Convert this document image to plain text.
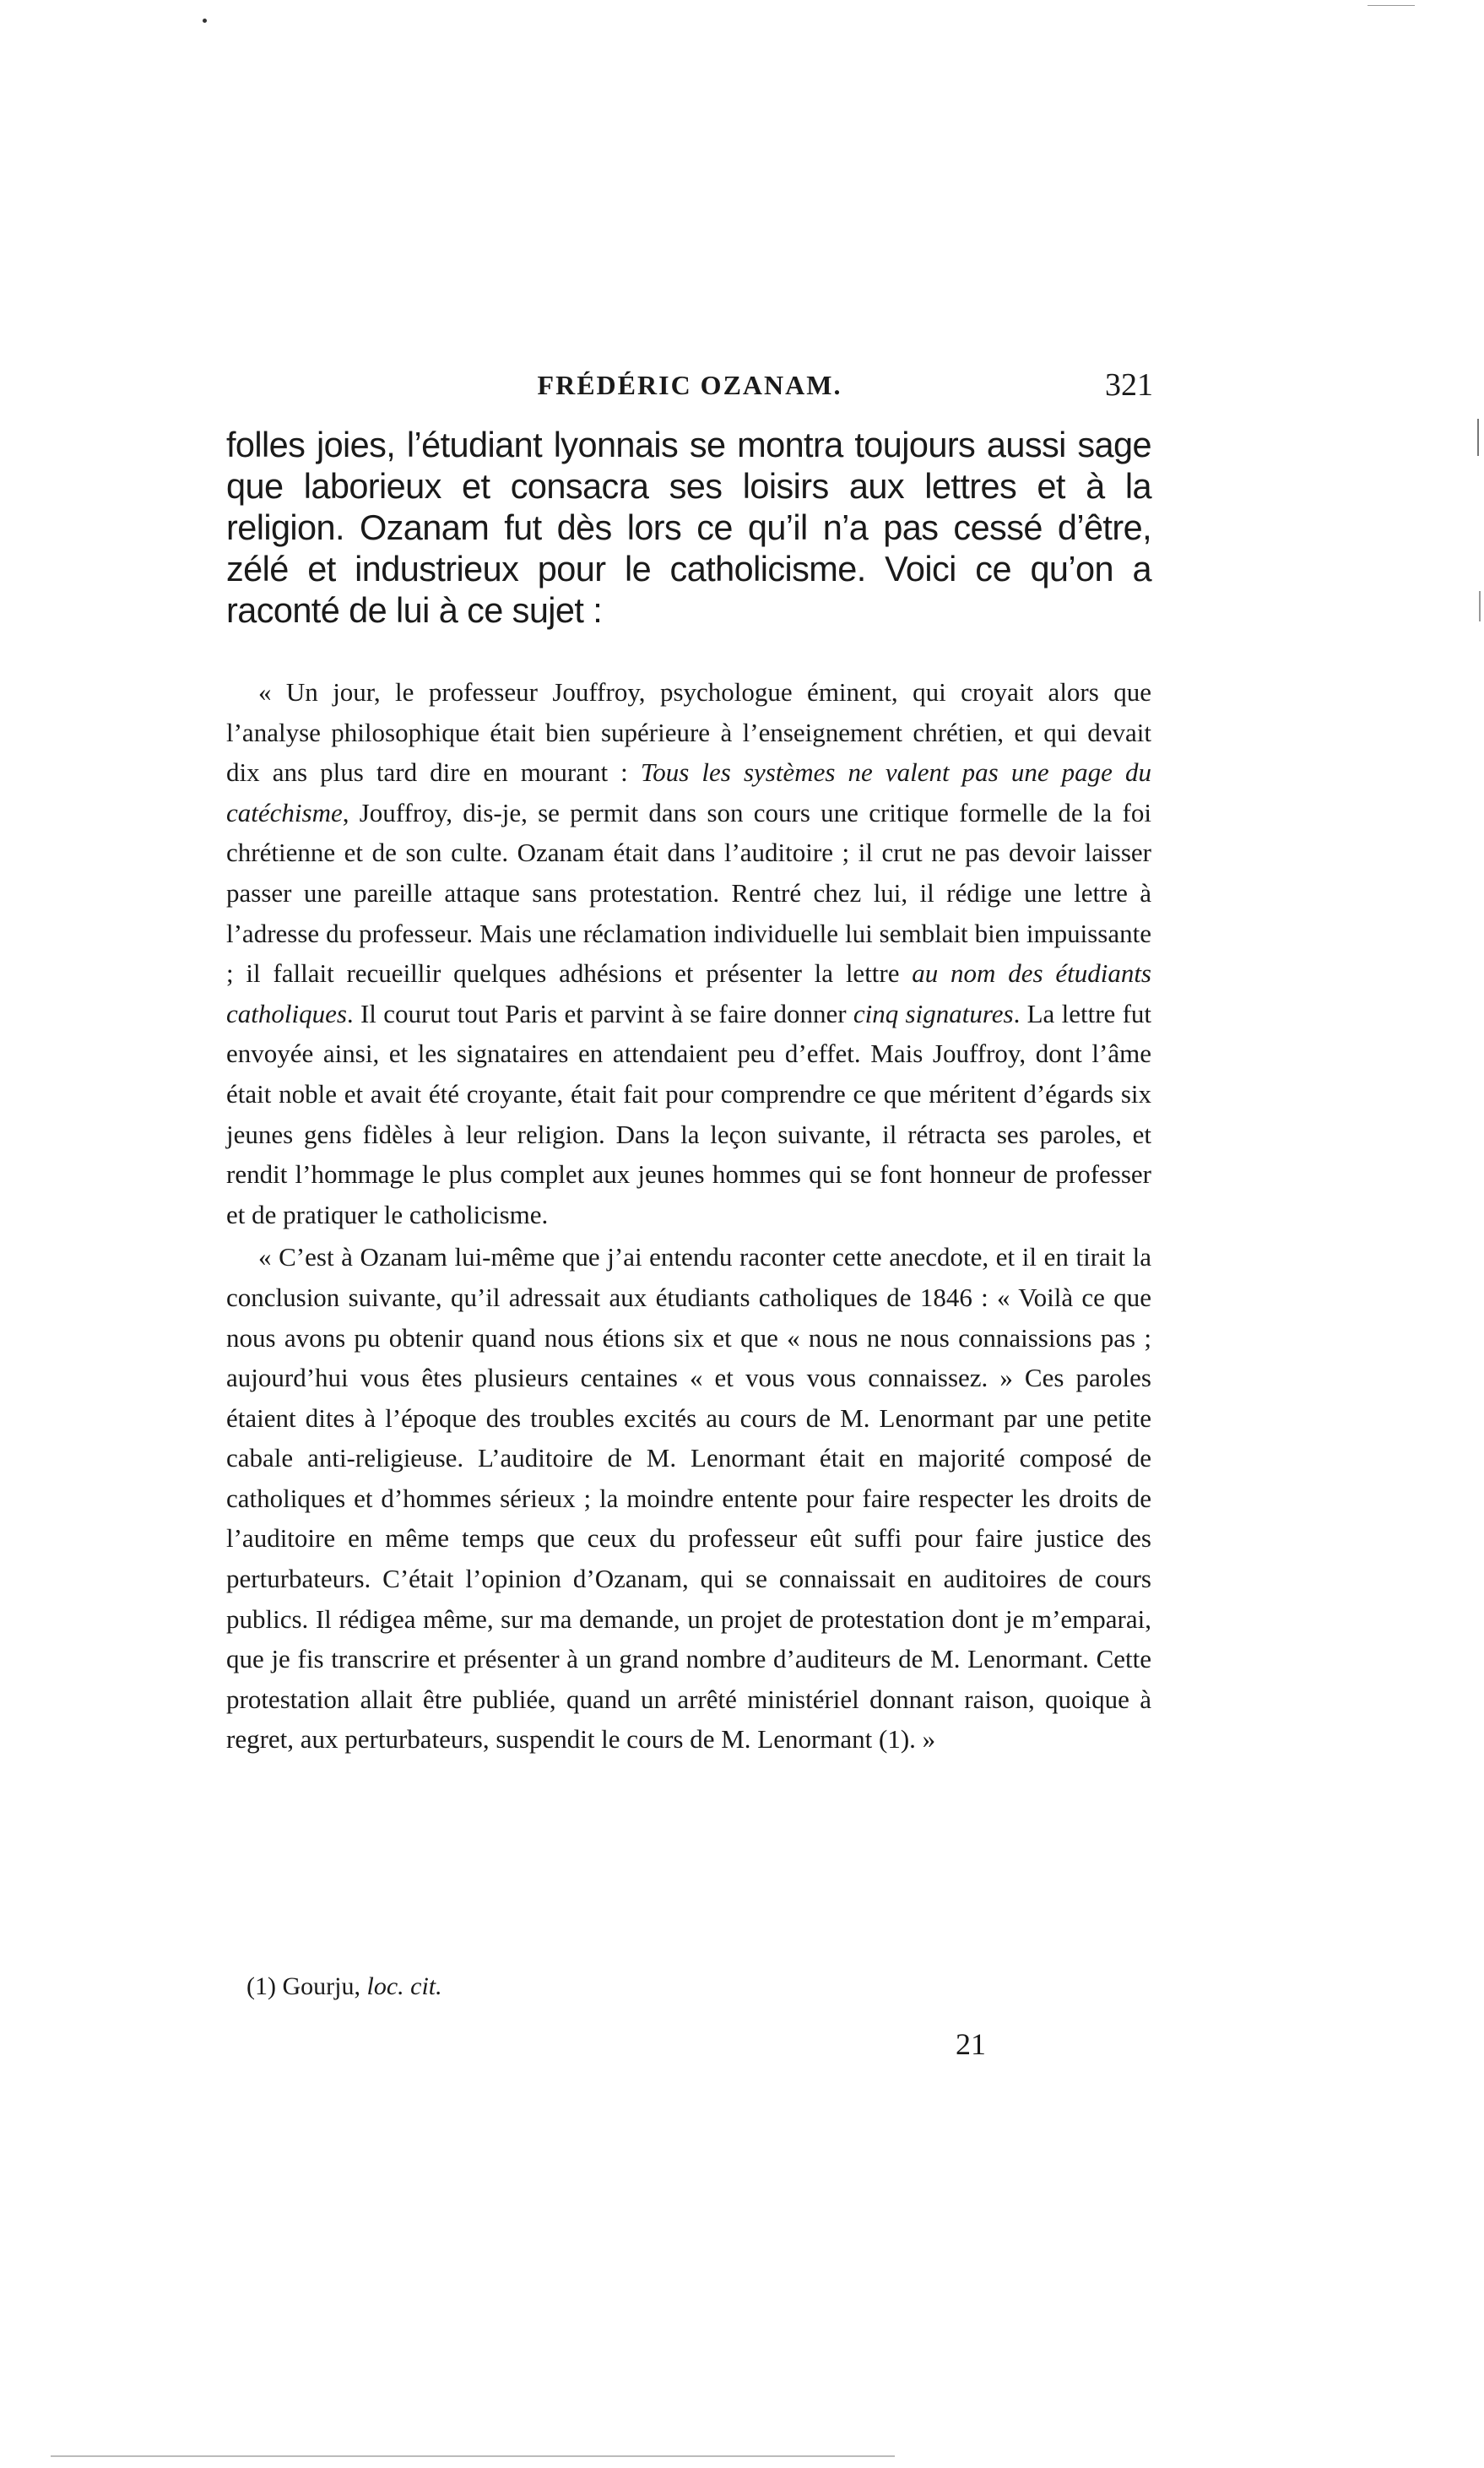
FRÉDÉRIC OZANAM.	321

folles joies, l’étudiant lyonnais se montra toujours aussi sage que laborieux et consacra ses loisirs aux lettres et à la religion. Ozanam fut dès lors ce qu’il n’a pas cessé d’être, zélé et industrieux pour le catholicisme. Voici ce qu’on a raconté de lui à ce sujet :

« Un jour, le professeur Jouffroy, psychologue éminent, qui croyait alors que l’analyse philosophique était bien supérieure à l’enseignement chrétien, et qui devait dix ans plus tard dire en mourant : Tous les systèmes ne valent pas une page du catéchisme, Jouffroy, dis-je, se permit dans son cours une critique formelle de la foi chrétienne et de son culte. Ozanam était dans l’auditoire ; il crut ne pas devoir laisser passer une pareille attaque sans protestation. Rentré chez lui, il rédige une lettre à l’adresse du professeur. Mais une réclamation individuelle lui semblait bien impuissante ; il fallait recueillir quelques adhésions et présenter la lettre au nom des étudiants catholiques. Il courut tout Paris et parvint à se faire donner cinq signatures. La lettre fut envoyée ainsi, et les signataires en attendaient peu d’effet. Mais Jouffroy, dont l’âme était noble et avait été croyante, était fait pour comprendre ce que méritent d’égards six jeunes gens fidèles à leur religion. Dans la leçon suivante, il rétracta ses paroles, et rendit l’hommage le plus complet aux jeunes hommes qui se font honneur de professer et de pratiquer le catholicisme.

« C’est à Ozanam lui-même que j’ai entendu raconter cette anecdote, et il en tirait la conclusion suivante, qu’il adressait aux étudiants catholiques de 1846 : « Voilà ce que nous avons pu obtenir quand nous étions six et que « nous ne nous connaissions pas ; aujourd’hui vous êtes plusieurs centaines « et vous vous connaissez. » Ces paroles étaient dites à l’époque des troubles excités au cours de M. Lenormant par une petite cabale anti-religieuse. L’auditoire de M. Lenormant était en majorité composé de catholiques et d’hommes sérieux ; la moindre entente pour faire respecter les droits de l’auditoire en même temps que ceux du professeur eût suffi pour faire justice des perturbateurs. C’était l’opinion d’Ozanam, qui se connaissait en auditoires de cours publics. Il rédigea même, sur ma demande, un projet de protestation dont je m’emparai, que je fis transcrire et présenter à un grand nombre d’auditeurs de M. Lenormant. Cette protestation allait être publiée, quand un arrêté ministériel donnant raison, quoique à regret, aux perturbateurs, suspendit le cours de M. Lenormant (1). »

(1) Gourju, loc. cit.
21
